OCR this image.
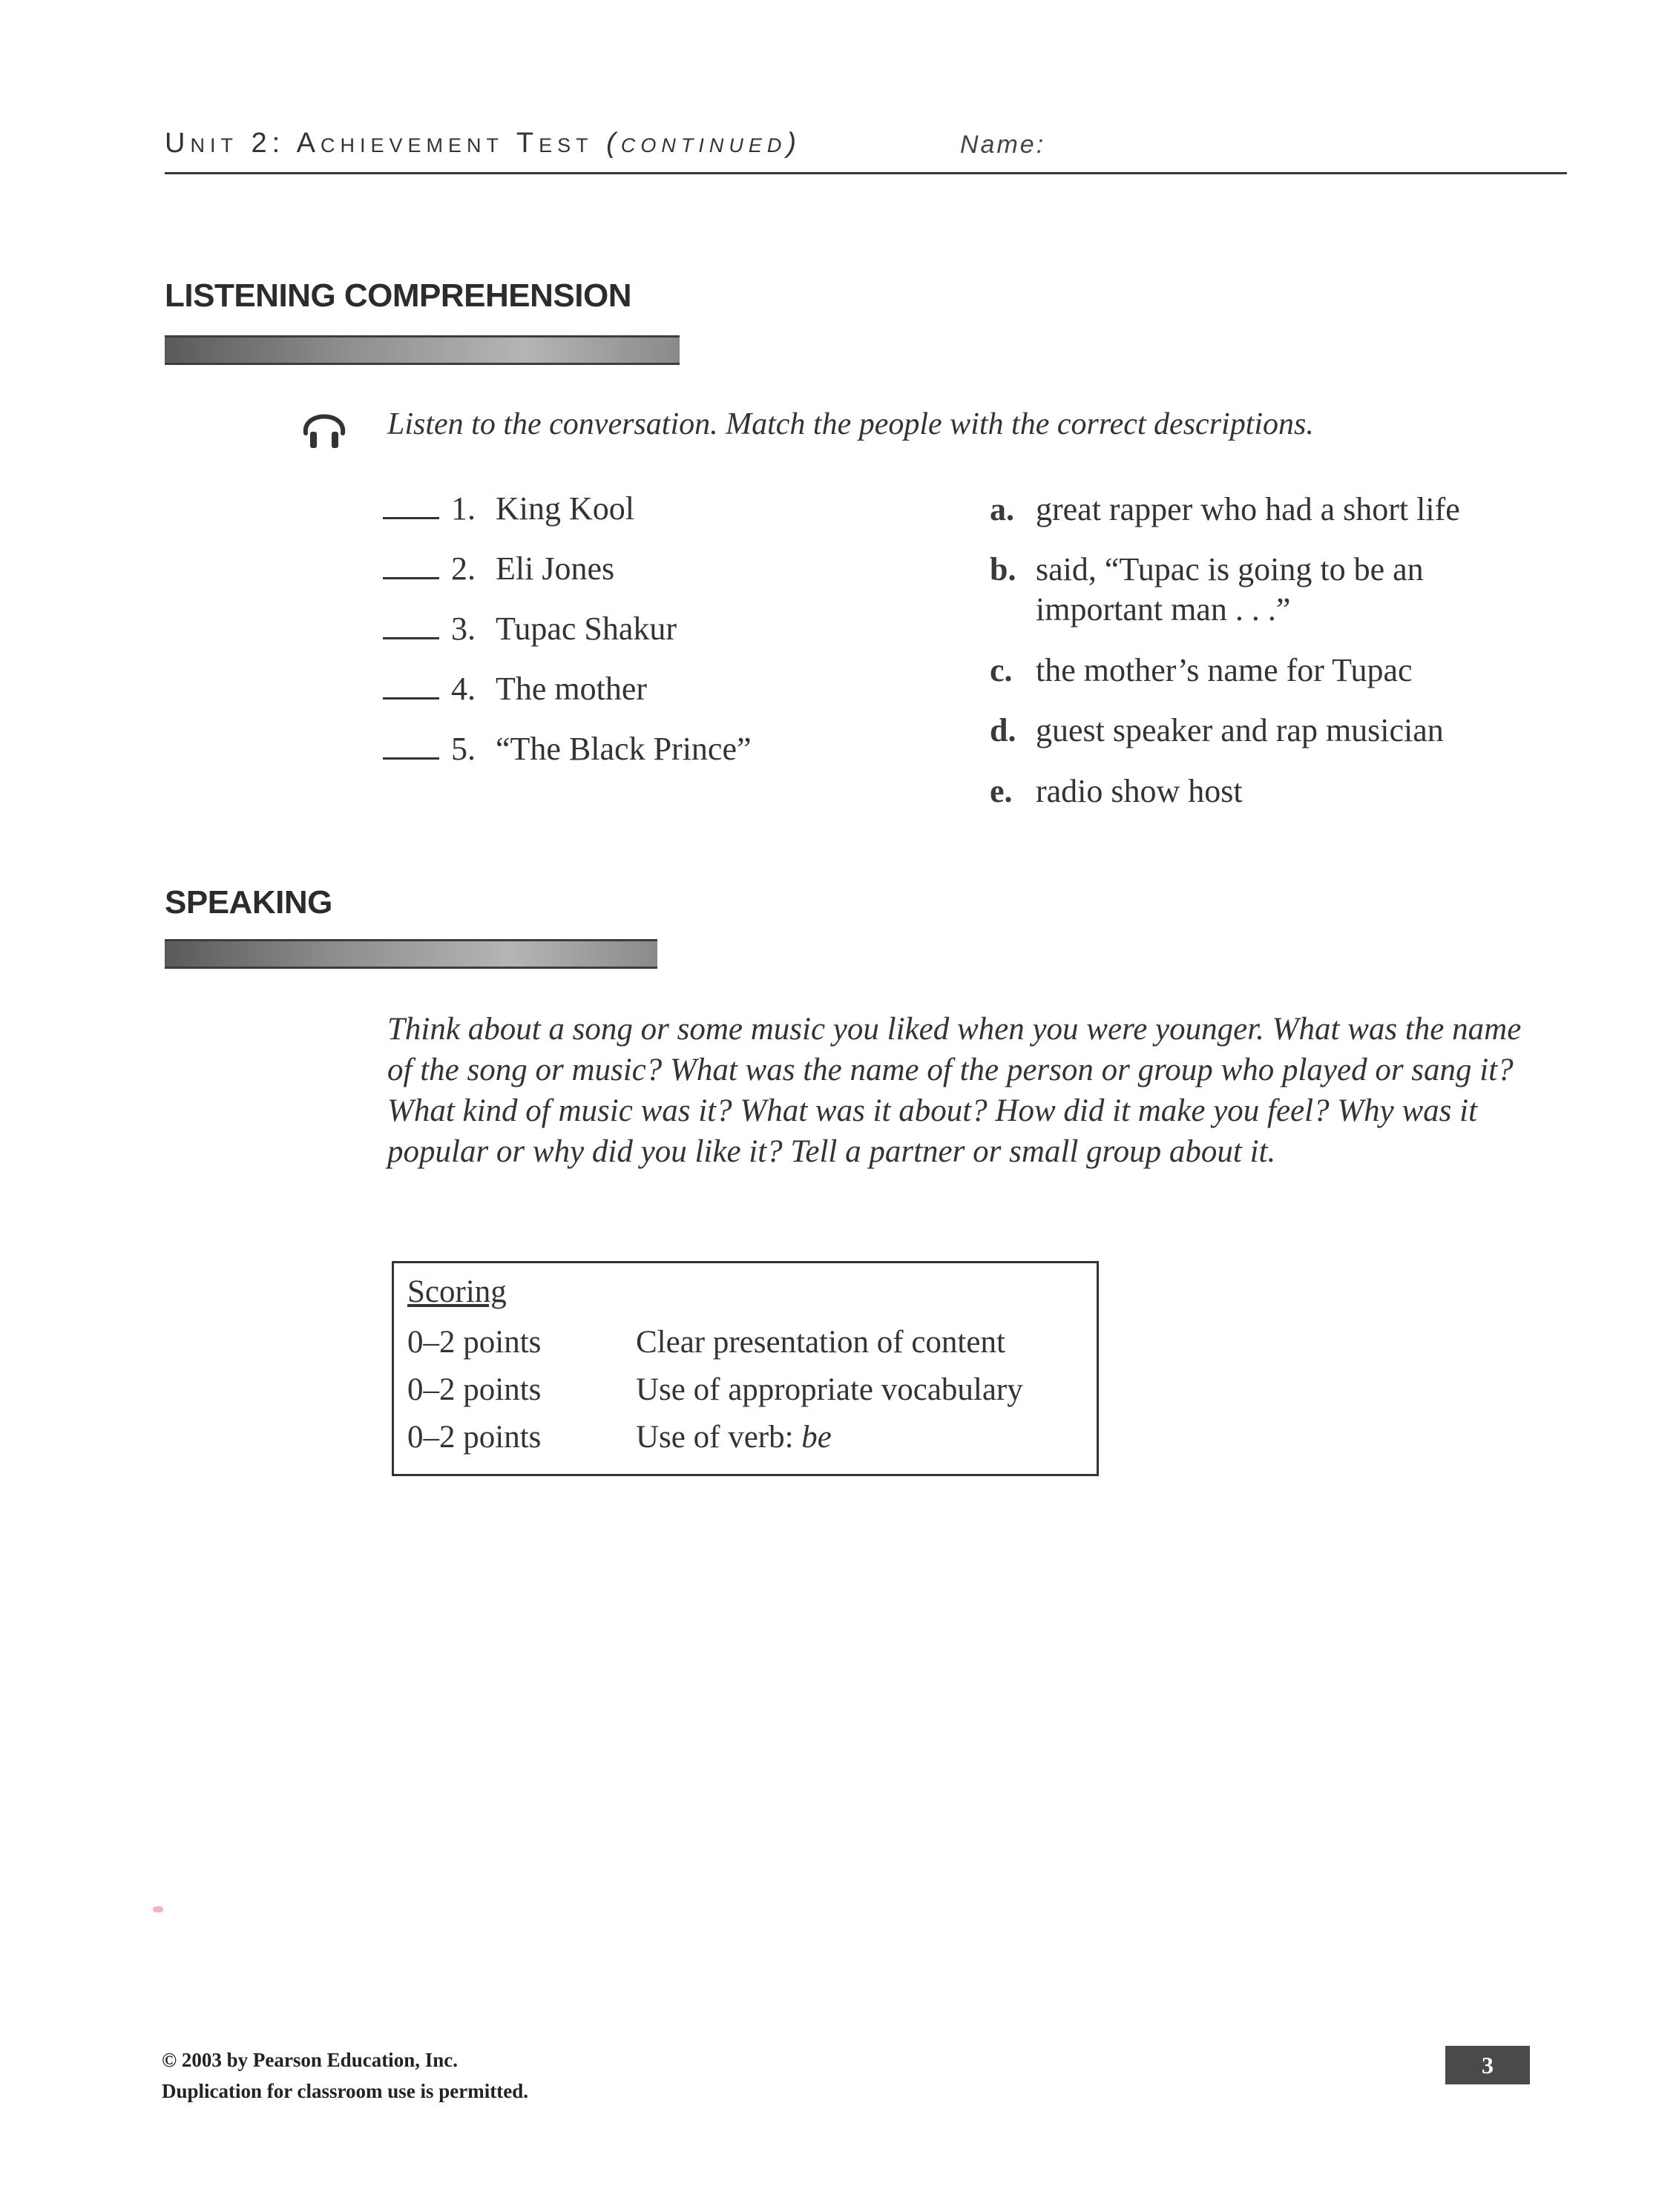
Unit 2: Achievement Test (continued)	Name:
LISTENING COMPREHENSION
Listen to the conversation. Match the people with the correct descriptions.
1. King Kool
2. Eli Jones
3. Tupac Shakur
4. The mother
5. “The Black Prince”
a. great rapper who had a short life
b. said, “Tupac is going to be an
important man . . .”
c. the mother’s name for Tupac
d. guest speaker and rap musician
e. radio show host
SPEAKING
Think about a song or some music you liked when you were younger. What was the name of the song or music? What was the name of the person or group who played or sang it? What kind of music was it? What was it about? How did it make you feel? Why was it popular or why did you like it? Tell a partner or small group about it.
Scoring
0–2 points	Clear presentation of content
0–2 points	Use of appropriate vocabulary
0–2 points	Use of verb: be
© 2003 by Pearson Education, Inc.
Duplication for classroom use is permitted.
3
